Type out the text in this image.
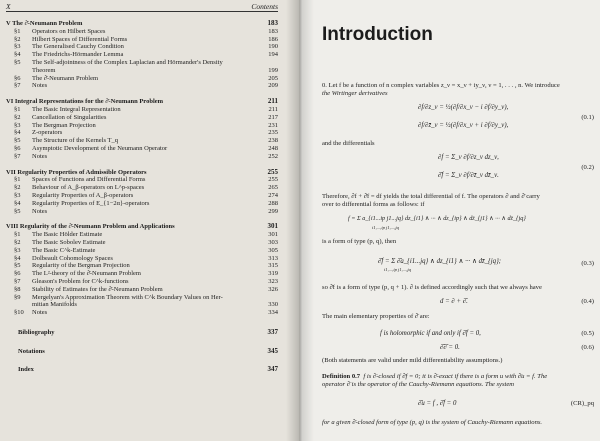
X	Contents
V The ∂̄-Neumann Problem	183
§1 Operators on Hilbert Spaces	183
§2 Hilbert Spaces of Differential Forms	186
§3 The Generalised Cauchy Condition	190
§4 The Friedrichs-Hörmander Lemma	194
§5 The Self-adjointness of the Complex Laplacian and Hörmander's Density
Theorem	199
§6 The ∂̄-Neumann Problem	205
§7 Notes	209
VI Integral Representations for the ∂̄-Neumann Problem	211
§1 The Basic Integral Representation	211
§2 Cancellation of Singularities	217
§3 The Bergman Projection	231
§4 Z-operators	235
§5 The Structure of the Kernels T_q	238
§6 Asymptotic Development of the Neumann Operator	248
§7 Notes	252
VII Regularity Properties of Admissible Operators	255
§1 Spaces of Functions and Differential Forms	255
§2 Behaviour of A_β-operators on L^p-spaces	265
§3 Regularity Properties of A_β-operators	274
§4 Regularity Properties of E_{1−2α}-operators	288
§5 Notes	299
VIII Regularity of the ∂̄-Neumann Problem and Applications	301
§1 The Basic Hölder Estimate	301
§2 The Basic Sobolev Estimate	303
§3 The Basic C^k-Estimate	305
§4 Dolbeault Cohomology Spaces	313
§5 Regularity of the Bergman Projection	315
§6 The L²-theory of the ∂̄-Neumann Problem	319
§7 Gleason's Problem for C^k-functions	323
§8 Stability of Estimates for the ∂̄-Neumann Problem	326
§9 Mergelyan's Approximation Theorem with C^k Boundary Values on Her-
mitian Manifolds	330
§10 Notes	334
Bibliography	337
Notations	345
Index	347
Introduction
0. Let f be a function of n complex variables z_ν = x_ν + iy_ν, ν = 1, . . . , n. We introduce
the Wirtinger derivatives
∂f/∂z_ν = ½(∂f/∂x_ν − i ∂f/∂y_ν),
∂f/∂z̄_ν = ½(∂f/∂x_ν + i ∂f/∂y_ν),
(0.1)
and the differentials
∂f = Σ_ν ∂f/∂z_ν dz_ν,
∂̄f = Σ_ν ∂f/∂z̄_ν dz̄_ν.
(0.2)
Therefore, ∂f + ∂̄f = df yields the total differential of f. The operators ∂ and ∂̄ carry
over to differential forms as follows: if
f = Σ a_{i1...ip j1...jq} dz_{i1} ∧ ··· ∧ dz_{ip} ∧ dz̄_{j1} ∧ ··· ∧ dz̄_{jq}
i1,...,ip j1,...,jq
is a form of type (p, q), then
∂̄f = Σ ∂̄a_{i1...jq} ∧ dz_{i1} ∧ ··· ∧ dz̄_{jq};
i1,...,ip j1,...,jq
(0.3)
so ∂̄f is a form of type (p, q + 1). ∂ is defined accordingly such that we always have
d = ∂ + ∂̄.	(0.4)
The main elementary properties of ∂̄ are:
f is holomorphic if and only if ∂̄f = 0,	(0.5)
∂̄∂̄ = 0.	(0.6)
(Both statements are valid under mild differentiability assumptions.)
Definition 0.7 f is ∂̄-closed if ∂̄f = 0; it is ∂̄-exact if there is a form u with ∂̄u = f. The
operator ∂̄ is the operator of the Cauchy-Riemann equations. The system
∂̄u = f , ∂̄f = 0	(CR)_pq
for a given ∂̄-closed form of type (p, q) is the system of Cauchy-Riemann equations.
